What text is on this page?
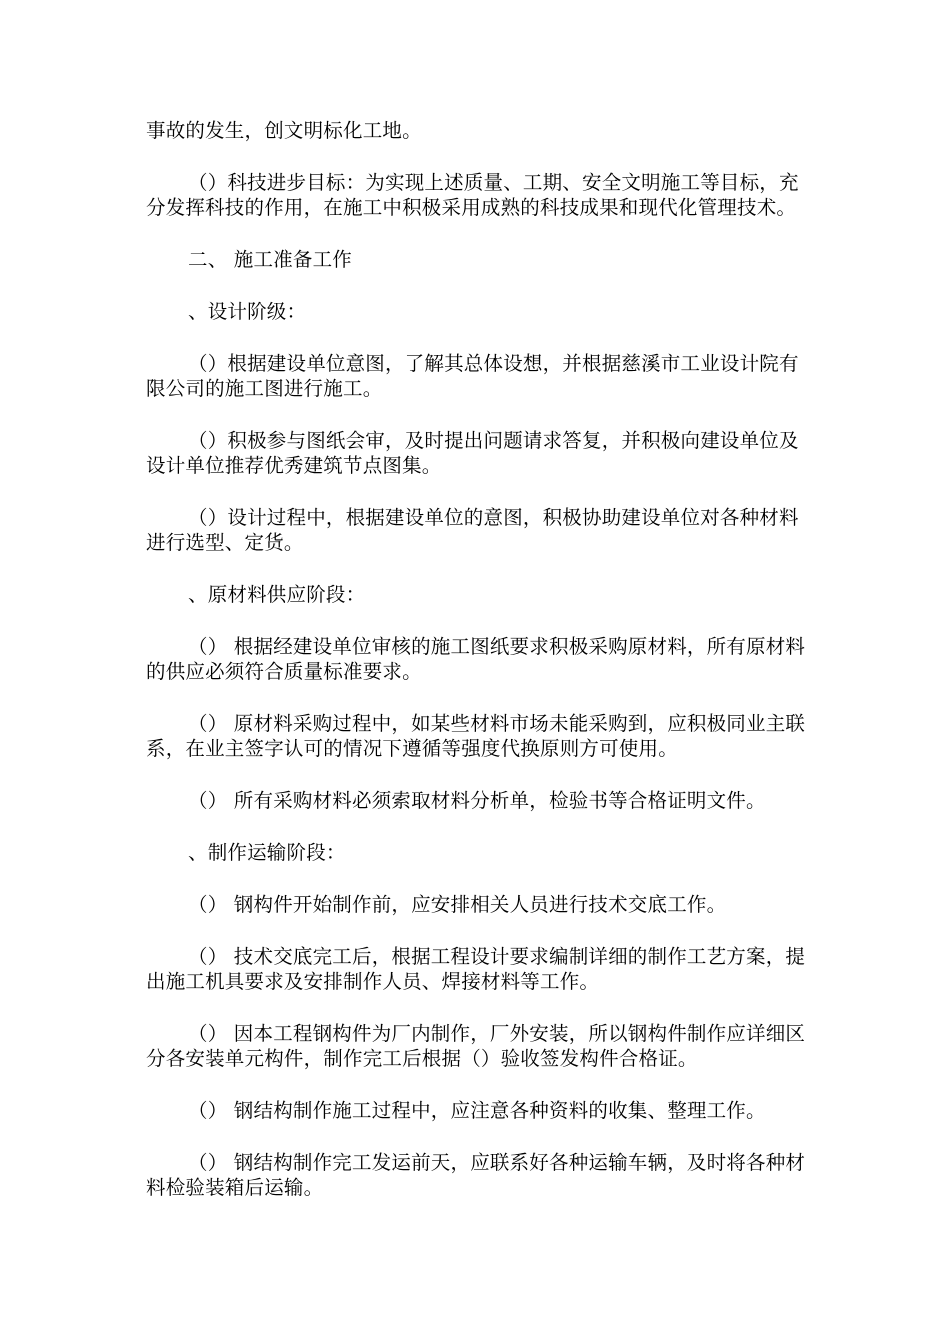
事故的发生，创文明标化工地。

（）科技进步目标：为实现上述质量、工期、安全文明施工等目标，充分发挥科技的作用，在施工中积极采用成熟的科技成果和现代化管理技术。

二、 施工准备工作

、设计阶级：

（）根据建设单位意图，了解其总体设想，并根据慈溪市工业设计院有限公司的施工图进行施工。

（）积极参与图纸会审，及时提出问题请求答复，并积极向建设单位及设计单位推荐优秀建筑节点图集。

（）设计过程中，根据建设单位的意图，积极协助建设单位对各种材料进行选型、定货。

、原材料供应阶段：

（） 根据经建设单位审核的施工图纸要求积极采购原材料，所有原材料的供应必须符合质量标准要求。

（） 原材料采购过程中，如某些材料市场未能采购到，应积极同业主联系，在业主签字认可的情况下遵循等强度代换原则方可使用。

（） 所有采购材料必须索取材料分析单，检验书等合格证明文件。

、制作运输阶段：

（） 钢构件开始制作前，应安排相关人员进行技术交底工作。

（） 技术交底完工后，根据工程设计要求编制详细的制作工艺方案，提出施工机具要求及安排制作人员、焊接材料等工作。

（） 因本工程钢构件为厂内制作，厂外安装，所以钢构件制作应详细区分各安装单元构件，制作完工后根据（）验收签发构件合格证。

（） 钢结构制作施工过程中，应注意各种资料的收集、整理工作。

（） 钢结构制作完工发运前天，应联系好各种运输车辆，及时将各种材料检验装箱后运输。
